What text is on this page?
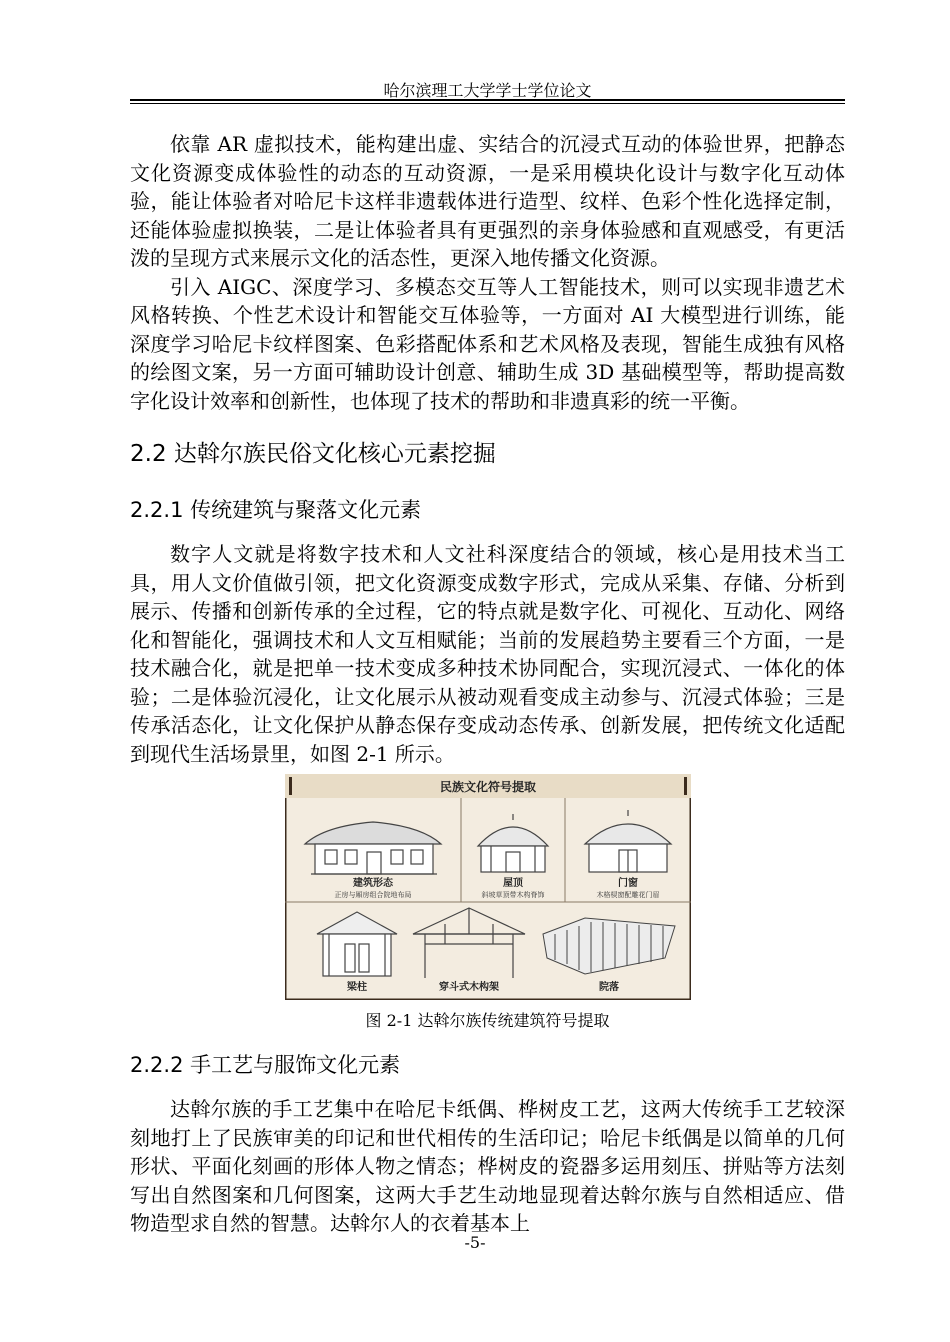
哈尔滨理工大学学士学位论文

依靠 AR 虚拟技术，能构建出虚、实结合的沉浸式互动的体验世界，把静态文化资源变成体验性的动态的互动资源，一是采用模块化设计与数字化互动体验，能让体验者对哈尼卡这样非遗载体进行造型、纹样、色彩个性化选择定制，还能体验虚拟换装，二是让体验者具有更强烈的亲身体验感和直观感受，有更活泼的呈现方式来展示文化的活态性，更深入地传播文化资源。

引入 AIGC、深度学习、多模态交互等人工智能技术，则可以实现非遗艺术风格转换、个性艺术设计和智能交互体验等，一方面对 AI 大模型进行训练，能深度学习哈尼卡纹样图案、色彩搭配体系和艺术风格及表现，智能生成独有风格的绘图文案，另一方面可辅助设计创意、辅助生成 3D 基础模型等，帮助提高数字化设计效率和创新性，也体现了技术的帮助和非遗真彩的统一平衡。

2.2 达斡尔族民俗文化核心元素挖掘
2.2.1 传统建筑与聚落文化元素

数字人文就是将数字技术和人文社科深度结合的领域，核心是用技术当工具，用人文价值做引领，把文化资源变成数字形式，完成从采集、存储、分析到展示、传播和创新传承的全过程，它的特点就是数字化、可视化、互动化、网络化和智能化，强调技术和人文互相赋能；当前的发展趋势主要看三个方面，一是技术融合化，就是把单一技术变成多种技术协同配合，实现沉浸式、一体化的体验；二是体验沉浸化，让文化展示从被动观看变成主动参与、沉浸式体验；三是传承活态化，让文化保护从静态保存变成动态传承、创新发展，把传统文化适配到现代生活场景里，如图 2-1 所示。

民族文化符号提取
建筑形态
正房与厢房组合院地布局
屋顶
斜坡草顶带木构脊饰
门窗
木格棂窗配雕花门眉
梁柱	穿斗式木构架	院落
图 2-1 达斡尔族传统建筑符号提取
2.2.2 手工艺与服饰文化元素

达斡尔族的手工艺集中在哈尼卡纸偶、桦树皮工艺，这两大传统手工艺较深刻地打上了民族审美的印记和世代相传的生活印记；哈尼卡纸偶是以简单的几何形状、平面化刻画的形体人物之情态；桦树皮的瓷器多运用刻压、拼贴等方法刻写出自然图案和几何图案，这两大手艺生动地显现着达斡尔族与自然相适应、借物造型求自然的智慧。达斡尔人的衣着基本上

-5-
